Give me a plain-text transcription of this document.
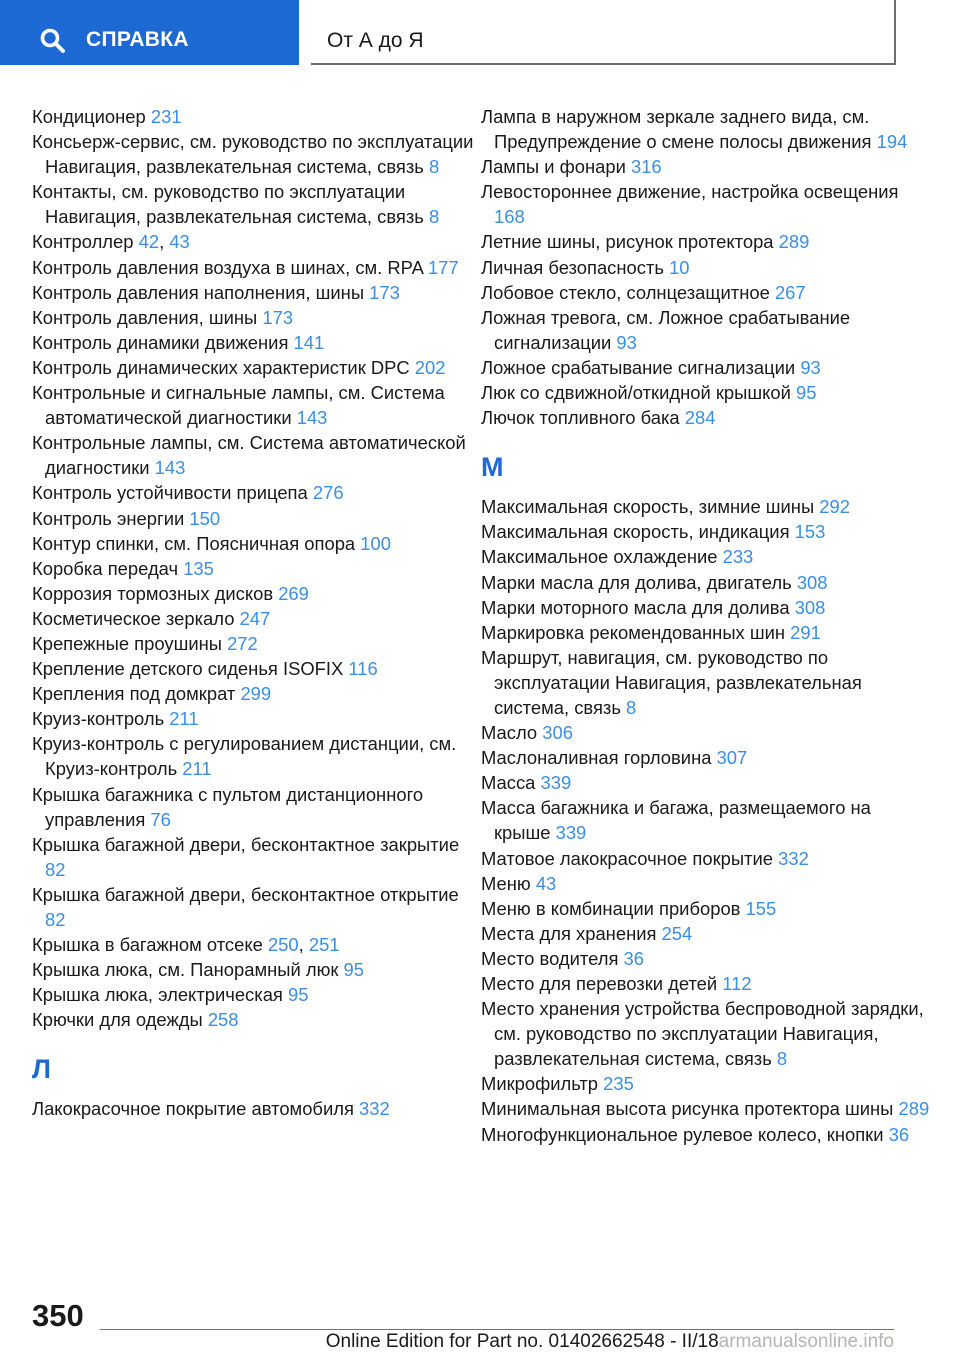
СПРАВКА	От А до Я
Кондиционер 231
Консьерж-сервис, см. руководство по эксплуатации Навигация, развлекательная система, связь 8
Контакты, см. руководство по эксплуатации Навигация, развлекательная система, связь 8
Контроллер 42, 43
Контроль давления воздуха в шинах, см. RPA 177
Контроль давления наполнения, шины 173
Контроль давления, шины 173
Контроль динамики движения 141
Контроль динамических характеристик DPC 202
Контрольные и сигнальные лампы, см. Система автоматической диагностики 143
Контрольные лампы, см. Система автоматической диагностики 143
Контроль устойчивости прицепа 276
Контроль энергии 150
Контур спинки, см. Поясничная опора 100
Коробка передач 135
Коррозия тормозных дисков 269
Косметическое зеркало 247
Крепежные проушины 272
Крепление детского сиденья ISOFIX 116
Крепления под домкрат 299
Круиз-контроль 211
Круиз-контроль с регулированием дистанции, см. Круиз-контроль 211
Крышка багажника с пультом дистанционного управления 76
Крышка багажной двери, бесконтактное закрытие 82
Крышка багажной двери, бесконтактное открытие 82
Крышка в багажном отсеке 250, 251
Крышка люка, см. Панорамный люк 95
Крышка люка, электрическая 95
Крючки для одежды 258
Л
Лакокрасочное покрытие автомобиля 332
Лампа в наружном зеркале заднего вида, см. Предупреждение о смене полосы движения 194
Лампы и фонари 316
Левостороннее движение, настройка освещения 168
Летние шины, рисунок протектора 289
Личная безопасность 10
Лобовое стекло, солнцезащитное 267
Ложная тревога, см. Ложное срабатывание сигнализации 93
Ложное срабатывание сигнализации 93
Люк со сдвижной/откидной крышкой 95
Лючок топливного бака 284
М
Максимальная скорость, зимние шины 292
Максимальная скорость, индикация 153
Максимальное охлаждение 233
Марки масла для долива, двигатель 308
Марки моторного масла для долива 308
Маркировка рекомендованных шин 291
Маршрут, навигация, см. руководство по эксплуатации Навигация, развлекательная система, связь 8
Масло 306
Маслоналивная горловина 307
Масса 339
Масса багажника и багажа, размещаемого на крыше 339
Матовое лакокрасочное покрытие 332
Меню 43
Меню в комбинации приборов 155
Места для хранения 254
Место водителя 36
Место для перевозки детей 112
Место хранения устройства беспроводной зарядки, см. руководство по эксплуатации Навигация, развлекательная система, связь 8
Микрофильтр 235
Минимальная высота рисунка протектора шины 289
Многофункциональное рулевое колесо, кнопки 36
350
Online Edition for Part no. 01402662548 - II/18armanualsonline.info
